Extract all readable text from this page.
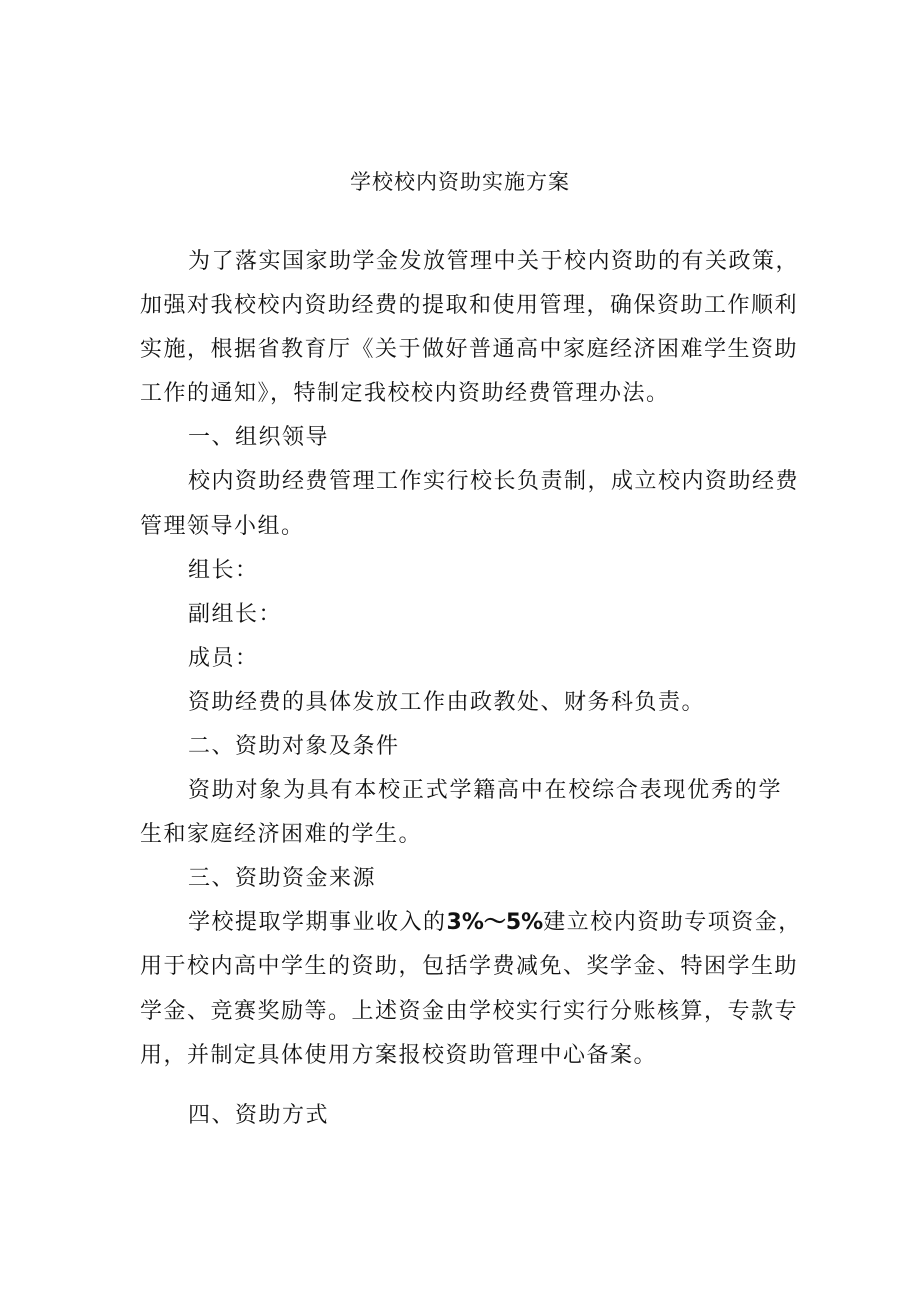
学校校内资助实施方案
为了落实国家助学金发放管理中关于校内资助的有关政策，
加强对我校校内资助经费的提取和使用管理，确保资助工作顺利
实施，根据省教育厅《关于做好普通高中家庭经济困难学生资助
工作的通知》，特制定我校校内资助经费管理办法。
一、组织领导
校内资助经费管理工作实行校长负责制，成立校内资助经费
管理领导小组。
组长：
副组长：
成员：
资助经费的具体发放工作由政教处、财务科负责。
二、资助对象及条件
资助对象为具有本校正式学籍高中在校综合表现优秀的学
生和家庭经济困难的学生。
三、资助资金来源
学校提取学期事业收入的3%～5%建立校内资助专项资金，
用于校内高中学生的资助，包括学费减免、奖学金、特困学生助
学金、竞赛奖励等。上述资金由学校实行实行分账核算，专款专
用，并制定具体使用方案报校资助管理中心备案。
四、资助方式
